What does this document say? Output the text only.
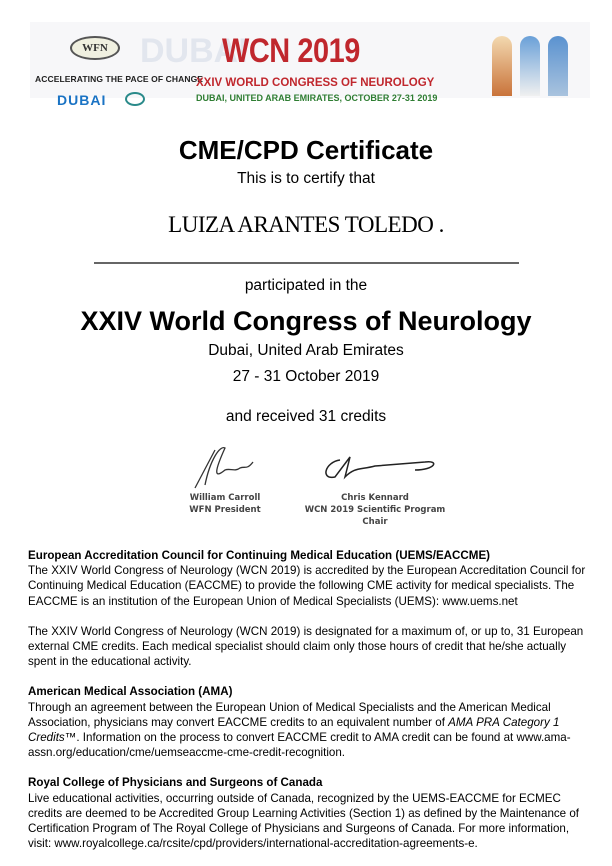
WFN
ACCELERATING THE PACE OF CHANGE
DUBAI
DUBAI
WCN 2019
XXIV WORLD CONGRESS OF NEUROLOGY
DUBAI, UNITED ARAB EMIRATES, OCTOBER 27-31 2019
CME/CPD Certificate
This is to certify that
LUIZA ARANTES TOLEDO .
participated in the
XXIV World Congress of Neurology
Dubai, United Arab Emirates
27 - 31 October 2019
and received 31 credits
William Carroll
WFN President
Chris Kennard
WCN 2019 Scientific Program Chair
European Accreditation Council for Continuing Medical Education (UEMS/EACCME)

The XXIV World Congress of Neurology (WCN 2019) is accredited by the European Accreditation Council for Continuing Medical Education (EACCME) to provide the following CME activity for medical specialists. The EACCME is an institution of the European Union of Medical Specialists (UEMS): www.uems.net

The XXIV World Congress of Neurology (WCN 2019) is designated for a maximum of, or up to, 31 European external CME credits. Each medical specialist should claim only those hours of credit that he/she actually spent in the educational activity.

American Medical Association (AMA)

Through an agreement between the European Union of Medical Specialists and the American Medical Association, physicians may convert EACCME credits to an equivalent number of AMA PRA Category 1 Credits™. Information on the process to convert EACCME credit to AMA credit can be found at www.ama-assn.org/education/cme/uemseaccme-cme-credit-recognition.

Royal College of Physicians and Surgeons of Canada

Live educational activities, occurring outside of Canada, recognized by the UEMS-EACCME for ECMEC credits are deemed to be Accredited Group Learning Activities (Section 1) as defined by the Maintenance of Certification Program of The Royal College of Physicians and Surgeons of Canada. For more information, visit: www.royalcollege.ca/rcsite/cpd/providers/international-accreditation-agreements-e.
